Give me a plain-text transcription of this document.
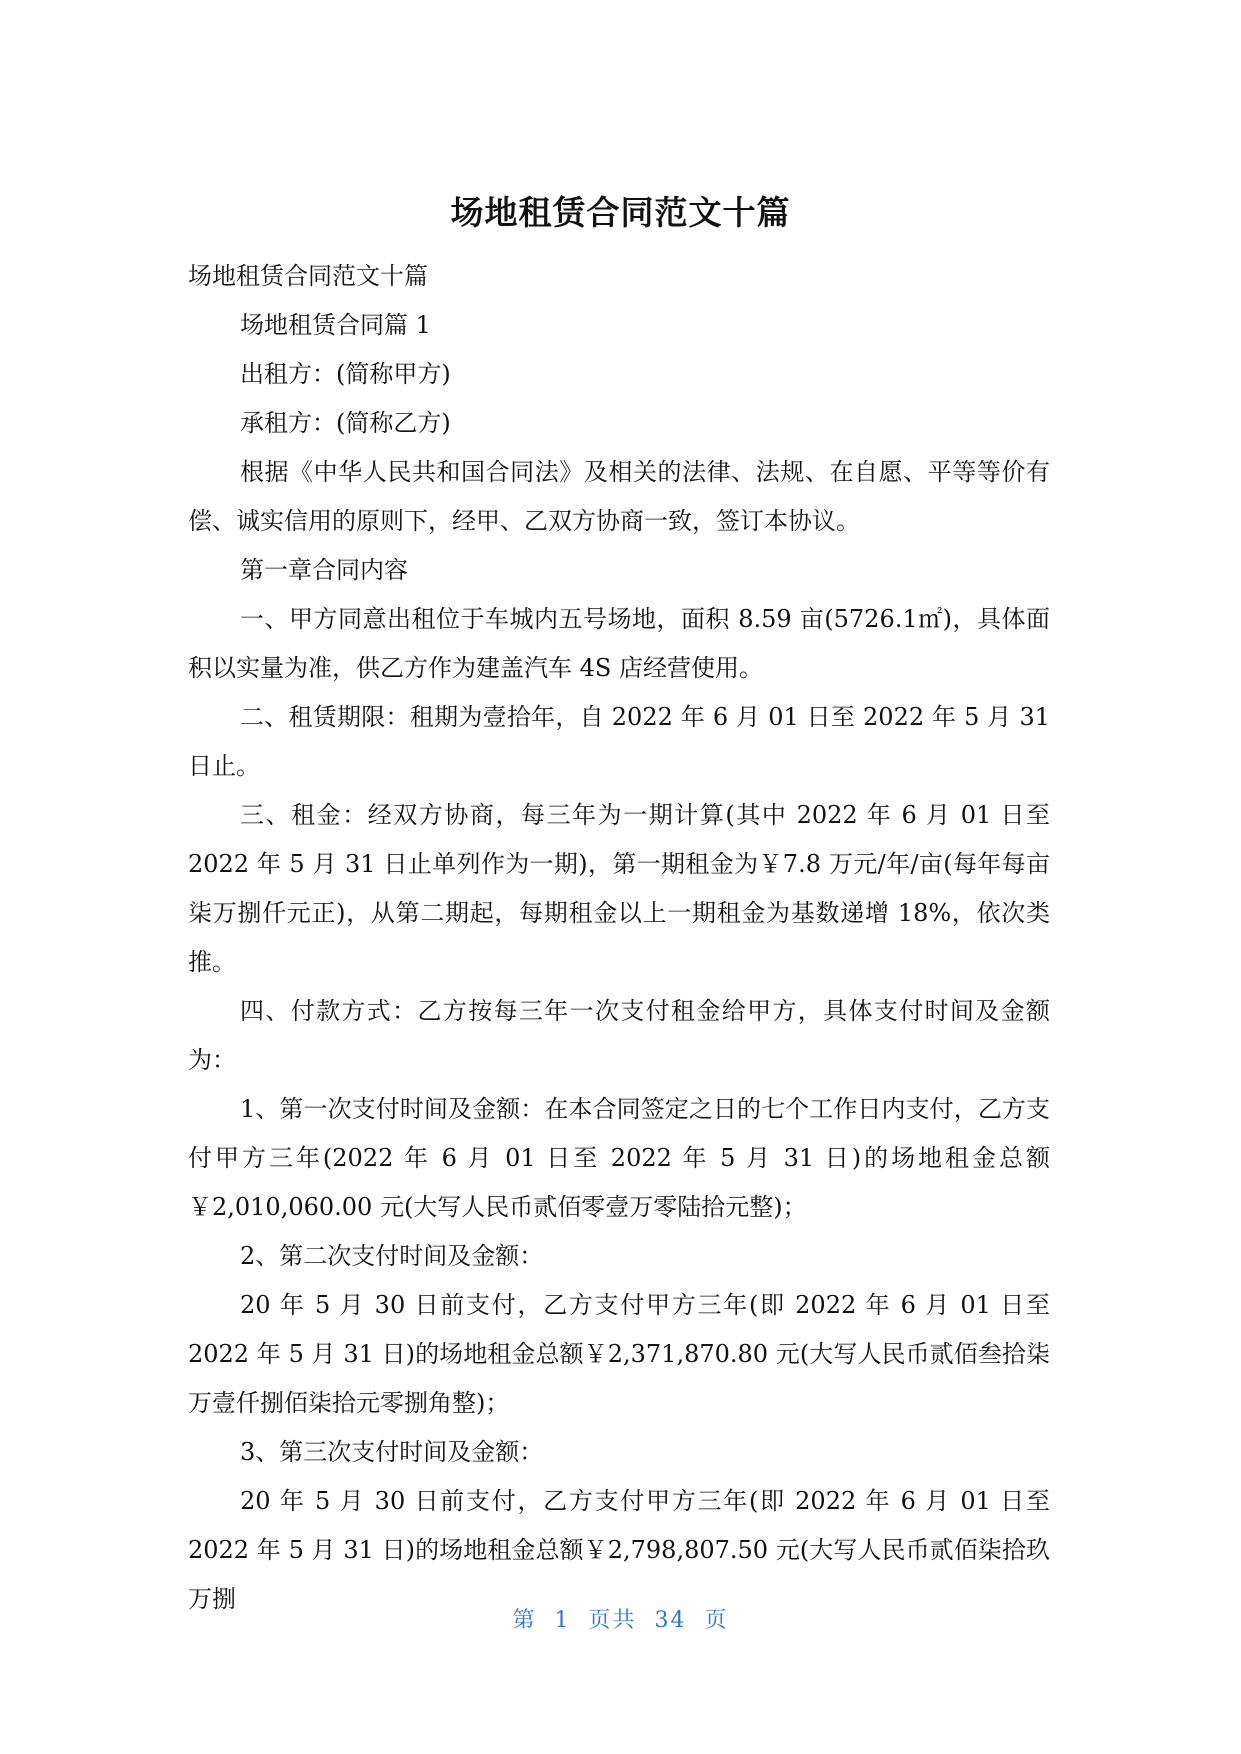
场地租赁合同范文十篇

场地租赁合同范文十篇

场地租赁合同篇 1

出租方：(简称甲方)

承租方：(简称乙方)

根据《中华人民共和国合同法》及相关的法律、法规、在自愿、平等等价有偿、诚实信用的原则下，经甲、乙双方协商一致，签订本协议。

第一章合同内容

一、甲方同意出租位于车城内五号场地，面积 8.59 亩(5726.1㎡)，具体面积以实量为准，供乙方作为建盖汽车 4S 店经营使用。

二、租赁期限：租期为壹拾年，自 2022 年 6 月 01 日至 2022 年 5 月 31 日止。

三、租金：经双方协商，每三年为一期计算(其中 2022 年 6 月 01 日至 2022 年 5 月 31 日止单列作为一期)，第一期租金为￥7.8 万元/年/亩(每年每亩柒万捌仟元正)，从第二期起，每期租金以上一期租金为基数递增 18%，依次类推。

四、付款方式：乙方按每三年一次支付租金给甲方，具体支付时间及金额为：

1、第一次支付时间及金额：在本合同签定之日的七个工作日内支付，乙方支付甲方三年(2022 年 6 月 01 日至 2022 年 5 月 31 日)的场地租金总额￥2,010,060.00 元(大写人民币贰佰零壹万零陆拾元整)；

2、第二次支付时间及金额：

20 年 5 月 30 日前支付，乙方支付甲方三年(即 2022 年 6 月 01 日至 2022 年 5 月 31 日)的场地租金总额￥2,371,870.80 元(大写人民币贰佰叁拾柒万壹仟捌佰柒拾元零捌角整)；

3、第三次支付时间及金额：

20 年 5 月 30 日前支付，乙方支付甲方三年(即 2022 年 6 月 01 日至 2022 年 5 月 31 日)的场地租金总额￥2,798,807.50 元(大写人民币贰佰柒拾玖万捌

第 1 页共 34 页
